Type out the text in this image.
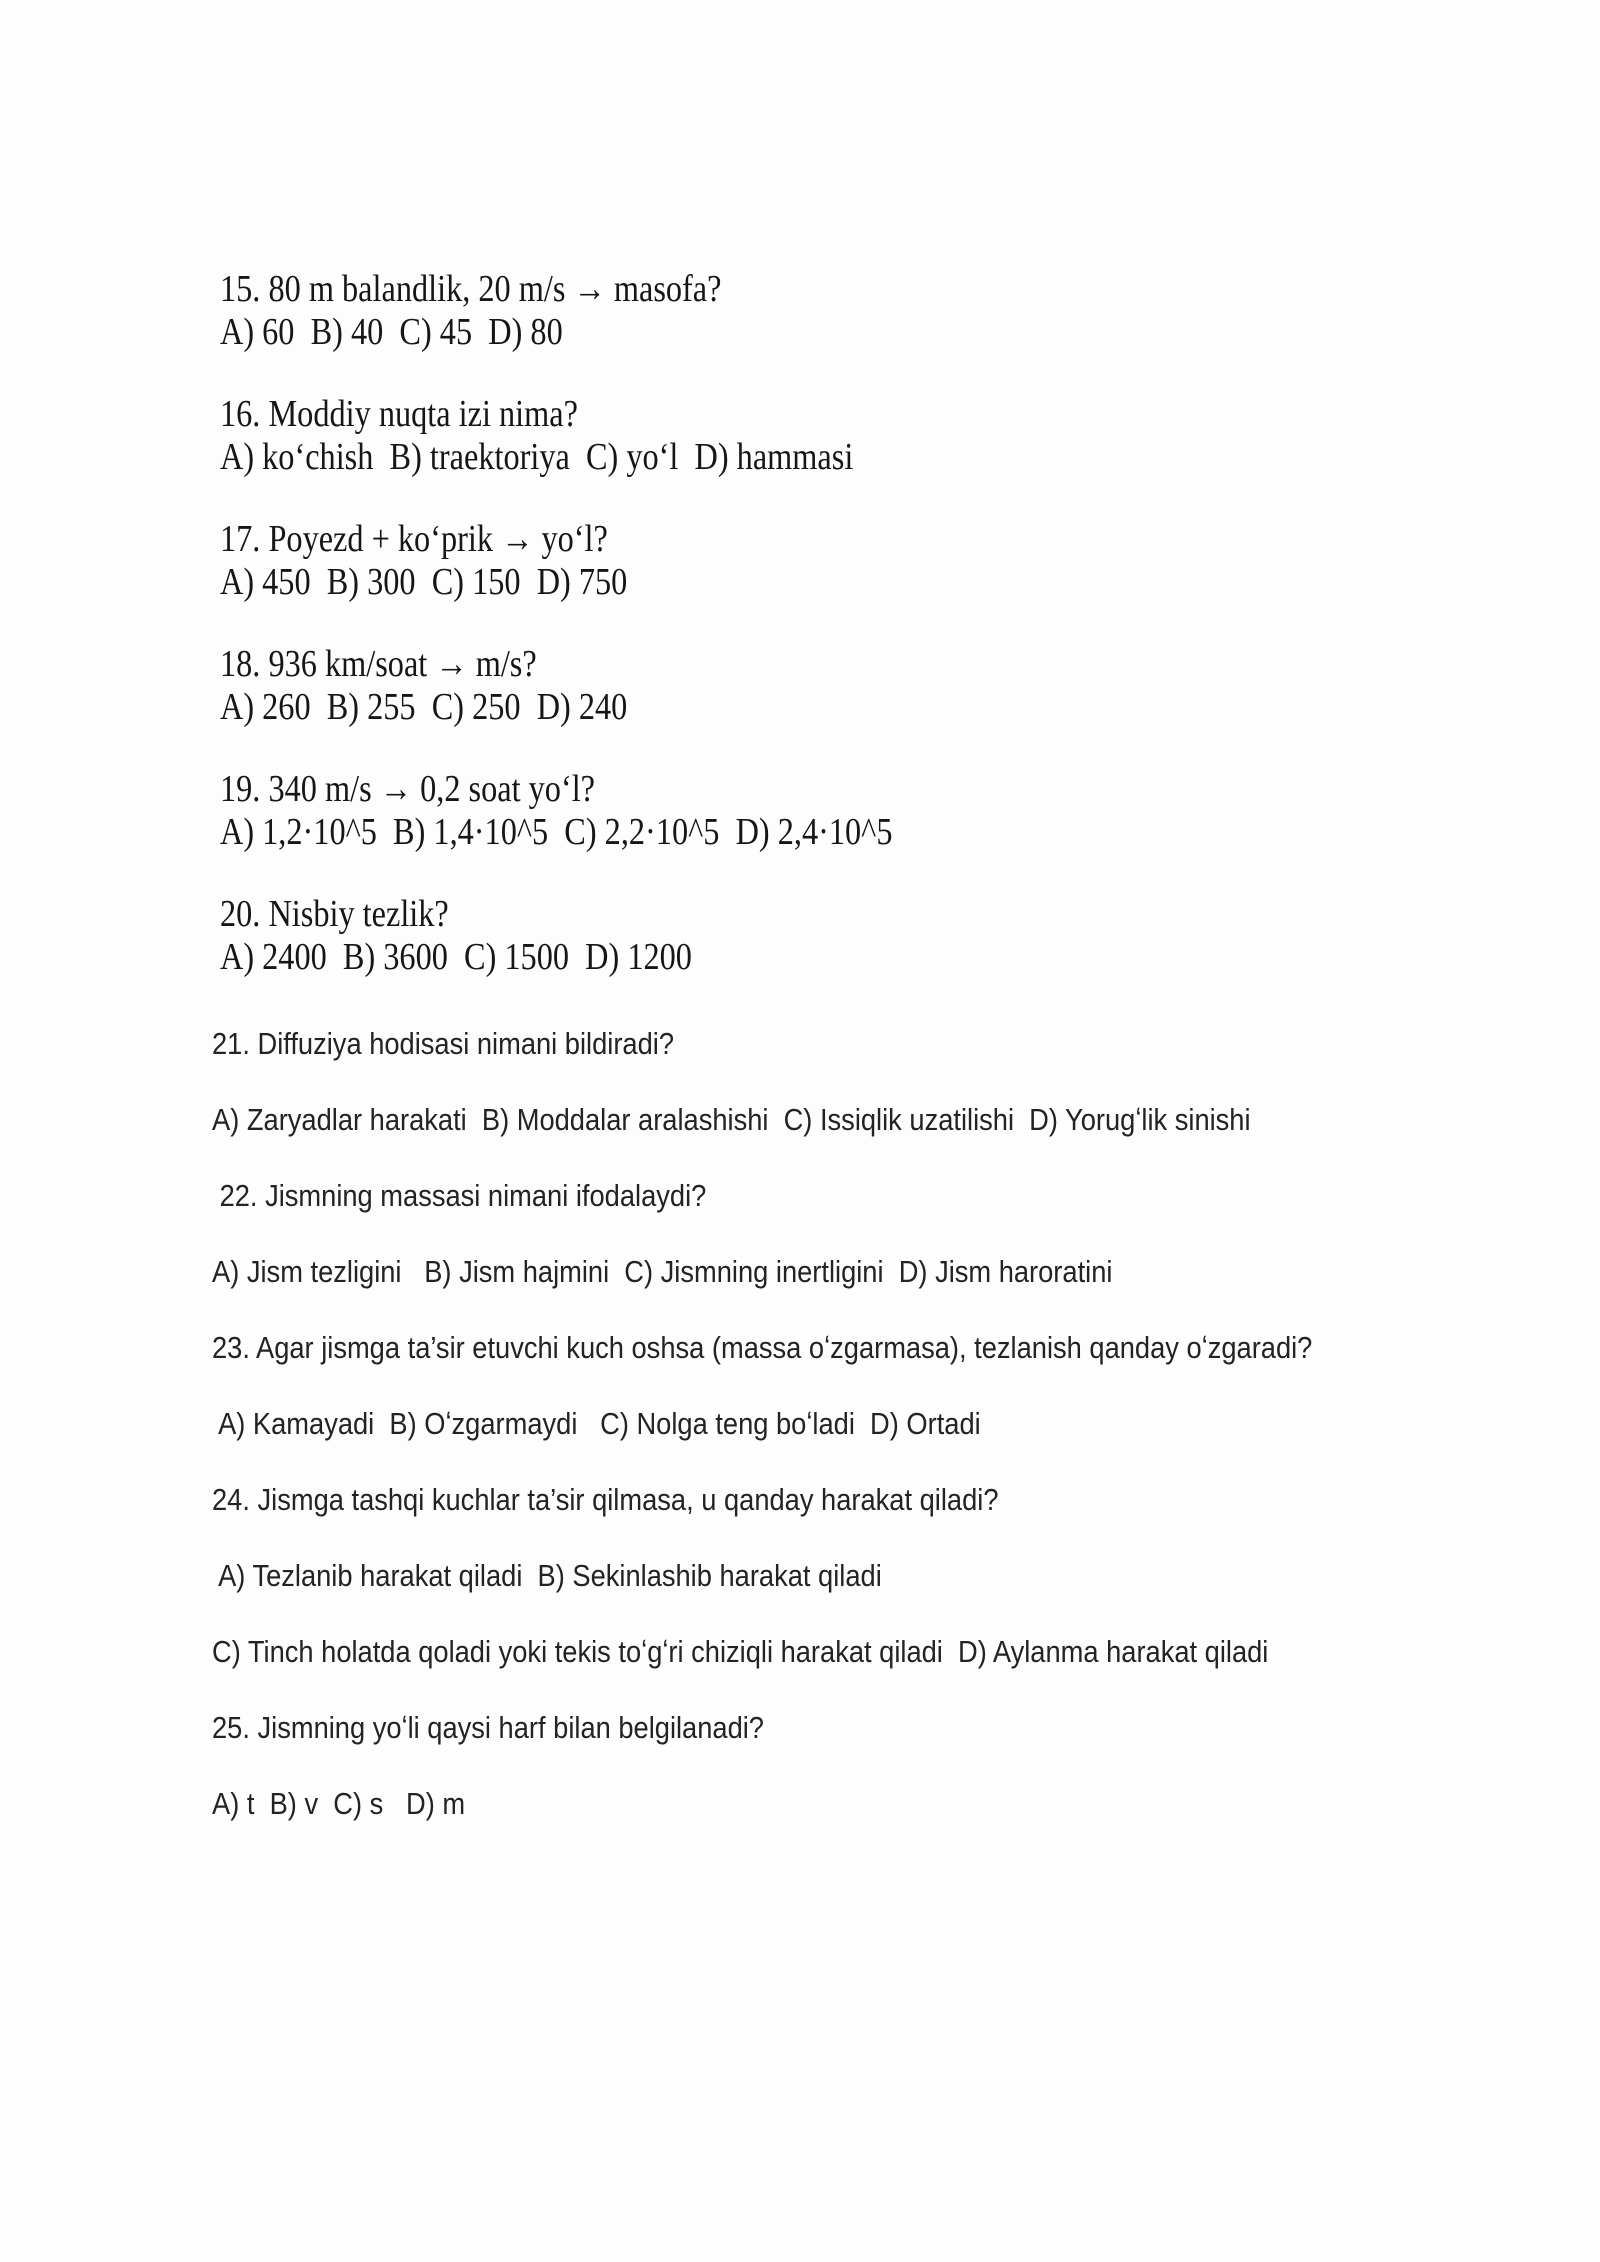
15. 80 m balandlik, 20 m/s → masofa?
A) 60  B) 40  C) 45  D) 80
16. Moddiy nuqta izi nima?
A) koʻchish  B) traektoriya  C) yoʻl  D) hammasi
17. Poyezd + koʻprik → yoʻl?
A) 450  B) 300  C) 150  D) 750
18. 936 km/soat → m/s?
A) 260  B) 255  C) 250  D) 240
19. 340 m/s → 0,2 soat yoʻl?
A) 1,2·10^5  B) 1,4·10^5  C) 2,2·10^5  D) 2,4·10^5
20. Nisbiy tezlik?
A) 2400  B) 3600  C) 1500  D) 1200
21. Diffuziya hodisasi nimani bildiradi?
A) Zaryadlar harakati  B) Moddalar aralashishi  C) Issiqlik uzatilishi  D) Yorugʻlik sinishi
22. Jismning massasi nimani ifodalaydi?
A) Jism tezligini   B) Jism hajmini  C) Jismning inertligini  D) Jism haroratini
23. Agar jismga ta’sir etuvchi kuch oshsa (massa oʻzgarmasa), tezlanish qanday oʻzgaradi?
A) Kamayadi  B) Oʻzgarmaydi   C) Nolga teng boʻladi  D) Ortadi
24. Jismga tashqi kuchlar ta’sir qilmasa, u qanday harakat qiladi?
A) Tezlanib harakat qiladi  B) Sekinlashib harakat qiladi
C) Tinch holatda qoladi yoki tekis toʻgʻri chiziqli harakat qiladi  D) Aylanma harakat qiladi
25. Jismning yoʻli qaysi harf bilan belgilanadi?
A) t  B) v  C) s   D) m
